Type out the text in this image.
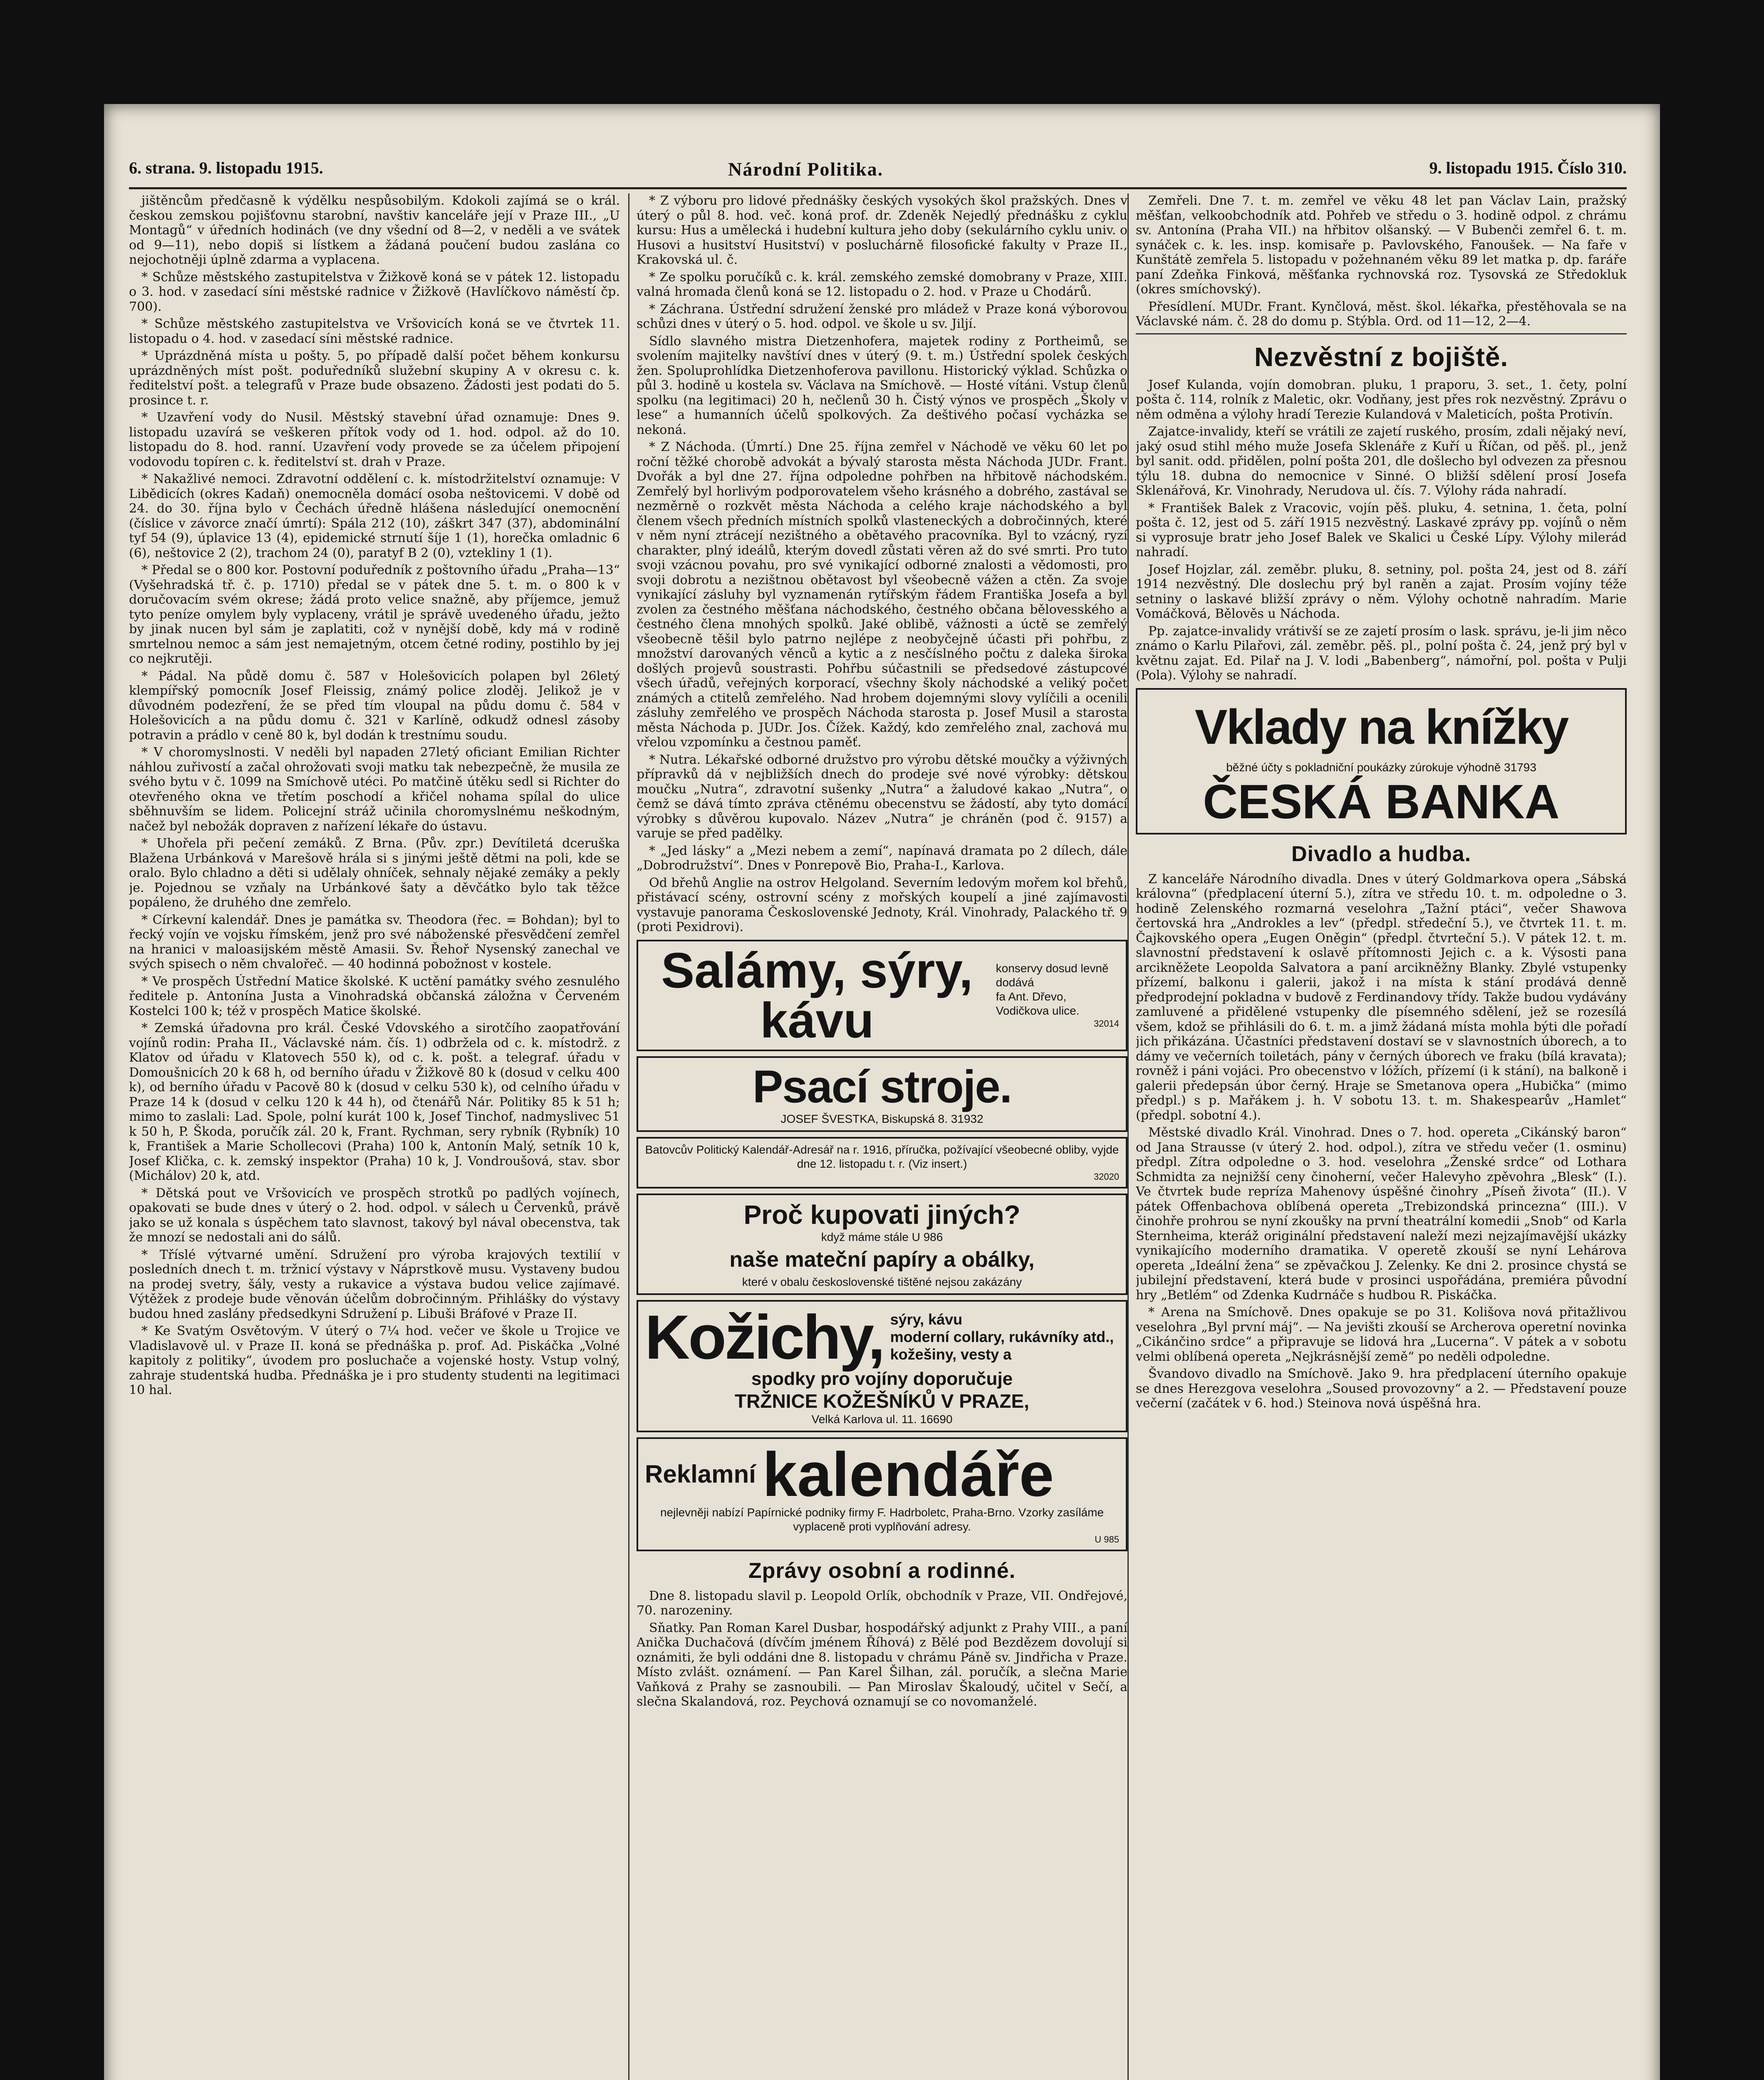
6. strana. 9. listopadu 1915.	Národní Politika.	9. listopadu 1915. Číslo 310.

jištěncům předčasně k výdělku nespůsobilým. Kdokoli zajímá se o král. českou zemskou pojišťovnu starobní, navštiv kanceláře její v Praze III., „U Montagů“ v úředních hodinách (ve dny všední od 8—2, v neděli a ve svátek od 9—11), nebo dopiš si lístkem a žádaná poučení budou zaslána co nejochotněji úplně zdarma a vyplacena.

* Schůze městského zastupitelstva v Žižkově koná se v pátek 12. listopadu o 3. hod. v zasedací síni městské radnice v Žižkově (Havlíčkovo náměstí čp. 700).

* Schůze městského zastupitelstva ve Vršovicích koná se ve čtvrtek 11. listopadu o 4. hod. v zasedací síni městské radnice.

* Uprázdněná místa u pošty. 5, po případě další počet během konkursu uprázdněných míst pošt. poduředníků služební skupiny A v okresu c. k. ředitelství pošt. a telegrafů v Praze bude obsazeno. Žádosti jest podati do 5. prosince t. r.

* Uzavření vody do Nusil. Městský stavební úřad oznamuje: Dnes 9. listopadu uzavírá se veškeren přítok vody od 1. hod. odpol. až do 10. listopadu do 8. hod. ranní. Uzavření vody provede se za účelem připojení vodovodu topíren c. k. ředitelství st. drah v Praze.

* Nakažlivé nemoci. Zdravotní oddělení c. k. místodržitelství oznamuje: V Libědicích (okres Kadaň) onemocněla domácí osoba neštovicemi. V době od 24. do 30. října bylo v Čechách úředně hlášena následující onemocnění (číslice v závorce značí úmrtí): Spála 212 (10), záškrt 347 (37), abdominální tyf 54 (9), úplavice 13 (4), epidemické strnutí šíje 1 (1), horečka omladnic 6 (6), neštovice 2 (2), trachom 24 (0), paratyf B 2 (0), vztekliny 1 (1).

* Předal se o 800 kor. Postovní poduředník z poštovního úřadu „Praha—13“ (Vyšehradská tř. č. p. 1710) předal se v pátek dne 5. t. m. o 800 k v doručovacím svém okrese; žádá proto velice snažně, aby příjemce, jemuž tyto peníze omylem byly vyplaceny, vrátil je správě uvedeného úřadu, ježto by jinak nucen byl sám je zaplatiti, což v nynější době, kdy má v rodině smrtelnou nemoc a sám jest nemajetným, otcem četné rodiny, postihlo by jej co nejkrutěji.

* Pádal. Na půdě domu č. 587 v Holešovicích polapen byl 26letý klempířský pomocník Josef Fleissig, známý police zloděj. Jelikož je v důvodném podezření, že se před tím vloupal na půdu domu č. 584 v Holešovicích a na půdu domu č. 321 v Karlíně, odkudž odnesl zásoby potravin a prádlo v ceně 80 k, byl dodán k trestnímu soudu.

* V choromyslnosti. V neděli byl napaden 27letý oficiant Emilian Richter náhlou zuřivostí a začal ohrožovati svoji matku tak nebezpečně, že musila ze svého bytu v č. 1099 na Smíchově utéci. Po matčině útěku sedl si Richter do otevřeného okna ve třetím poschodí a křičel nohama spílal do ulice sběhnuvším se lidem. Policejní stráž učinila choromyslnému neškodným, načež byl nebožák dopraven z nařízení lékaře do ústavu.

* Uhořela při pečení zemáků. Z Brna. (Pův. zpr.) Devítiletá dceruška Blažena Urbánková v Marešově hrála si s jinými ještě dětmi na poli, kde se oralo. Bylo chladno a děti si udělaly ohníček, sehnaly nějaké zemáky a pekly je. Pojednou se vzňaly na Urbánkové šaty a děvčátko bylo tak těžce popáleno, že druhého dne zemřelo.

* Církevní kalendář. Dnes je památka sv. Theodora (řec. = Bohdan); byl to řecký vojín ve vojsku římském, jenž pro své náboženské přesvědčení zemřel na hranici v maloasijském městě Amasii. Sv. Řehoř Nysenský zanechal ve svých spisech o něm chvalořeč. — 40 hodinná pobožnost v kostele.

* Ve prospěch Ústřední Matice školské. K uctění památky svého zesnulého ředitele p. Antonína Justa a Vinohradská občanská záložna v Červeném Kostelci 100 k; též v prospěch Matice školské.

* Zemská úřadovna pro král. České Vdovského a sirotčího zaopatřování vojínů rodin: Praha II., Václavské nám. čís. 1) odbržela od c. k. místodrž. z Klatov od úřadu v Klatovech 550 k), od c. k. pošt. a telegraf. úřadu v Domoušnicích 20 k 68 h, od berního úřadu v Žižkově 80 k (dosud v celku 400 k), od berního úřadu v Pacově 80 k (dosud v celku 530 k), od celního úřadu v Praze 14 k (dosud v celku 120 k 44 h), od čtenářů Nár. Politiky 85 k 51 h; mimo to zaslali: Lad. Spole, polní kurát 100 k, Josef Tinchof, nadmyslivec 51 k 50 h, P. Škoda, poručík zál. 20 k, Frant. Rychman, sery rybník (Rybník) 10 k, František a Marie Schollecovi (Praha) 100 k, Antonín Malý, setník 10 k, Josef Klička, c. k. zemský inspektor (Praha) 10 k, J. Vondroušová, stav. sbor (Michálov) 20 k, atd.

* Dětská pout ve Vršovicích ve prospěch strotků po padlých vojínech, opakovati se bude dnes v úterý o 2. hod. odpol. v sálech u Červenků, právě jako se už konala s úspěchem tato slavnost, takový byl nával obecenstva, tak že mnozí se nedostali ani do sálů.

* Tříslé výtvarné umění. Sdružení pro výroba krajových textilií v posledních dnech t. m. tržnicí výstavy v Náprstkově musu. Vystaveny budou na prodej svetry, šály, vesty a rukavice a výstava budou velice zajímavé. Výtěžek z prodeje bude věnován účelům dobročinným. Přihlášky do výstavy budou hned zaslány předsedkyni Sdružení p. Libuši Bráfové v Praze II.

* Ke Svatým Osvětovým. V úterý o 7¼ hod. večer ve škole u Trojice ve Vladislavově ul. v Praze II. koná se přednáška p. prof. Ad. Piskáčka „Volné kapitoly z politiky“, úvodem pro posluchače a vojenské hosty. Vstup volný, zahraje studentská hudba. Přednáška je i pro studenty studenti na legitimaci 10 hal.

* Z výboru pro lidové přednášky českých vysokých škol pražských. Dnes v úterý o půl 8. hod. več. koná prof. dr. Zdeněk Nejedlý přednášku z cyklu kursu: Hus a umělecká i hudební kultura jeho doby (sekulárního cyklu univ. o Husovi a husitství Husitství) v posluchárně filosofické fakulty v Praze II., Krakovská ul. č.

* Ze spolku poručíků c. k. král. zemského zemské domobrany v Praze, XIII. valná hromada členů koná se 12. listopadu o 2. hod. v Praze u Chodárů.

* Záchrana. Ústřední sdružení ženské pro mládež v Praze koná výborovou schůzi dnes v úterý o 5. hod. odpol. ve škole u sv. Jiljí.

Sídlo slavného mistra Dietzenhofera, majetek rodiny z Portheimů, se svolením majitelky navštíví dnes v úterý (9. t. m.) Ústřední spolek českých žen. Spoluprohlídka Dietzenhoferova pavillonu. Historický výklad. Schůzka o půl 3. hodině u kostela sv. Václava na Smíchově. — Hosté vítáni. Vstup členů spolku (na legitimaci) 20 h, nečlenů 30 h. Čistý výnos ve prospěch „Školy v lese“ a humanních účelů spolkových. Za deštivého počasí vycházka se nekoná.

* Z Náchoda. (Úmrtí.) Dne 25. října zemřel v Náchodě ve věku 60 let po roční těžké chorobě advokát a bývalý starosta města Náchoda JUDr. Frant. Dvořák a byl dne 27. října odpoledne pohřben na hřbitově náchodském. Zemřelý byl horlivým podporovatelem všeho krásného a dobrého, zastával se nezměrně o rozkvět města Náchoda a celého kraje náchodského a byl členem všech předních místních spolků vlasteneckých a dobročinných, které v něm nyní ztrácejí nezištného a obětavého pracovníka. Byl to vzácný, ryzí charakter, plný ideálů, kterým dovedl zůstati věren až do své smrti. Pro tuto svoji vzácnou povahu, pro své vynikající odborné znalosti a vědomosti, pro svoji dobrotu a nezištnou obětavost byl všeobecně vážen a ctěn. Za svoje vynikající zásluhy byl vyznamenán rytířským řádem Františka Josefa a byl zvolen za čestného měšťana náchodského, čestného občana bělovesského a čestného člena mnohých spolků. Jaké oblibě, vážnosti a úctě se zemřelý všeobecně těšil bylo patrno nejlépe z neobyčejně účasti při pohřbu, z množství darovaných věnců a kytic a z nesčíslného počtu z daleka široka došlých projevů soustrasti. Pohřbu súčastnili se předsedové zástupcové všech úřadů, veřejných korporací, všechny školy náchodské a veliký počet známých a ctitelů zemřelého. Nad hrobem dojemnými slovy vylíčili a ocenili zásluhy zemřelého ve prospěch Náchoda starosta p. Josef Musil a starosta města Náchoda p. JUDr. Jos. Čížek. Každý, kdo zemřelého znal, zachová mu vřelou vzpomínku a čestnou paměť.

* Nutra. Lékařské odborné družstvo pro výrobu dětské moučky a výživných přípravků dá v nejbližších dnech do prodeje své nové výrobky: dětskou moučku „Nutra“, zdravotní sušenky „Nutra“ a žaludové kakao „Nutra“, o čemž se dává tímto zpráva ctěnému obecenstvu se žádostí, aby tyto domácí výrobky s důvěrou kupovalo. Název „Nutra“ je chráněn (pod č. 9157) a varuje se před padělky.

* „Jed lásky“ a „Mezi nebem a zemí“, napínavá dramata po 2 dílech, dále „Dobrodružství“. Dnes v Ponrepově Bio, Praha-I., Karlova.

Od břehů Anglie na ostrov Helgoland. Severním ledovým mořem kol břehů, přistávací scény, ostrovní scény z mořských koupelí a jiné zajímavosti vystavuje panorama Československé Jednoty, Král. Vinohrady, Palackého tř. 9 (proti Pexidrovi).

Salámy, sýry, kávu
konservy dosud levně dodává
fa Ant. Dřevo, Vodičkova ulice.
32014
Psací stroje.
JOSEF ŠVESTKA, Biskupská 8. 31932
Batovcův Politický Kalendář-Adresář na r. 1916, příručka, požívající všeobecné obliby, vyjde dne 12. listopadu t. r. (Viz insert.)
32020
Proč kupovati jiných?
když máme stále U 986
naše mateční papíry a obálky,
které v obalu československé tištěné nejsou zakázány
Kožichy, sýry, kávu
moderní collary, rukávníky atd., kožešiny, vesty a
spodky pro vojíny doporučuje
TRŽNICE KOŽEŠNÍKŮ V PRAZE,
Velká Karlova ul. 11. 16690
Reklamní kalendáře
nejlevněji nabízí Papírnické podniky firmy F. Hadrboletc, Praha-Brno. Vzorky zasíláme vyplaceně proti vyplňování adresy.
U 985
Zprávy osobní a rodinné.

Dne 8. listopadu slavil p. Leopold Orlík, obchodník v Praze, VII. Ondřejové, 70. narozeniny.

Sňatky. Pan Roman Karel Dusbar, hospodářský adjunkt z Prahy VIII., a paní Anička Duchačová (dívčím jménem Říhová) z Bělé pod Bezdězem dovolují si oznámiti, že byli oddáni dne 8. listopadu v chrámu Páně sv. Jindřicha v Praze. Místo zvlášt. oznámení. — Pan Karel Šilhan, zál. poručík, a slečna Marie Vaňková z Prahy se zasnoubili. — Pan Miroslav Škaloudý, učitel v Sečí, a slečna Skalandová, roz. Peychová oznamují se co novomanželé.

Zemřeli. Dne 7. t. m. zemřel ve věku 48 let pan Václav Lain, pražský měšťan, velkoobchodník atd. Pohřeb ve středu o 3. hodině odpol. z chrámu sv. Antonína (Praha VII.) na hřbitov olšanský. — V Bubenči zemřel 6. t. m. synáček c. k. les. insp. komisaře p. Pavlovského, Fanoušek. — Na faře v Kunštátě zemřela 5. listopadu v požehnaném věku 89 let matka p. dp. faráře paní Zdeňka Finková, měšťanka rychnovská roz. Tysovská ze Středokluk (okres smíchovský).

Přesídlení. MUDr. Frant. Kynčlová, měst. škol. lékařka, přestěhovala se na Václavské nám. č. 28 do domu p. Stýbla. Ord. od 11—12, 2—4.

Nezvěstní z bojiště.

Josef Kulanda, vojín domobran. pluku, 1 praporu, 3. set., 1. čety, polní pošta č. 114, rolník z Maletic, okr. Vodňany, jest přes rok nezvěstný. Zprávu o něm odměna a výlohy hradí Terezie Kulandová v Maleticích, pošta Protivín.

Zajatce-invalidy, kteří se vrátili ze zajetí ruského, prosím, zdali nějaký neví, jaký osud stihl mého muže Josefa Sklenáře z Kuří u Říčan, od pěš. pl., jenž byl sanit. odd. přidělen, polní pošta 201, dle došlecho byl odvezen za přesnou týlu 18. dubna do nemocnice v Sinné. O bližší sdělení prosí Josefa Sklenářová, Kr. Vinohrady, Nerudova ul. čís. 7. Výlohy ráda nahradí.

* František Balek z Vracovic, vojín pěš. pluku, 4. setnina, 1. četa, polní pošta č. 12, jest od 5. září 1915 nezvěstný. Laskavé zprávy pp. vojínů o něm si vyprosuje bratr jeho Josef Balek ve Skalici u České Lípy. Výlohy milerád nahradí.

Josef Hojzlar, zál. zeměbr. pluku, 8. setniny, pol. pošta 24, jest od 8. září 1914 nezvěstný. Dle doslechu prý byl raněn a zajat. Prosím vojíny téže setniny o laskavé bližší zprávy o něm. Výlohy ochotně nahradím. Marie Vomáčková, Bělověs u Náchoda.

Pp. zajatce-invalidy vrátivší se ze zajetí prosím o lask. správu, je-li jim něco známo o Karlu Pilařovi, zál. zeměbr. pěš. pl., polní pošta č. 24, jenž prý byl v květnu zajat. Ed. Pilař na J. V. lodi „Babenberg“, námořní, pol. pošta v Pulji (Pola). Výlohy se nahradí.

Vklady na knížky
běžné účty s pokladniční poukázky zúrokuje výhodně 31793
ČESKÁ BANKA
Divadlo a hudba.

Z kanceláře Národního divadla. Dnes v úterý Goldmarkova opera „Sábská královna“ (předplacení úterní 5.), zítra ve středu 10. t. m. odpoledne o 3. hodině Zelenského rozmarná veselohra „Tažní ptáci“, večer Shawova čertovská hra „Androkles a lev“ (předpl. středeční 5.), ve čtvrtek 11. t. m. Čajkovského opera „Eugen Oněgin“ (předpl. čtvrteční 5.). V pátek 12. t. m. slavnostní představení k oslavě přítomnosti Jejich c. a k. Výsosti pana arcikněžete Leopolda Salvatora a paní arcikněžny Blanky. Zbylé vstupenky přízemí, balkonu i galerii, jakož i na místa k stání prodává denně předprodejní pokladna v budově z Ferdinandovy třídy. Takže budou vydávány zamluvené a přidělené vstupenky dle písemného sdělení, jež se rozesílá všem, kdož se přihlásili do 6. t. m. a jimž žádaná místa mohla býti dle pořadí jich přikázána. Účastníci představení dostaví se v slavnostních úborech, a to dámy ve večerních toiletách, pány v černých úborech ve fraku (bílá kravata); rovněž i páni vojáci. Pro obecenstvo v lóžích, přízemí (i k stání), na balkoně i galerii předepsán úbor černý. Hraje se Smetanova opera „Hubička“ (mimo předpl.) s p. Mařákem j. h. V sobotu 13. t. m. Shakespearův „Hamlet“ (předpl. sobotní 4.).

Městské divadlo Král. Vinohrad. Dnes o 7. hod. opereta „Cikánský baron“ od Jana Strausse (v úterý 2. hod. odpol.), zítra ve středu večer (1. osminu) předpl. Zítra odpoledne o 3. hod. veselohra „Ženské srdce“ od Lothara Schmidta za nejnižší ceny činoherní, večer Halevyho zpěvohra „Blesk“ (I.). Ve čtvrtek bude repríza Mahenovy úspěšné činohry „Píseň života“ (II.). V pátek Offenbachova oblíbená opereta „Trebizondská princezna“ (III.). V činohře prohrou se nyní zkoušky na první theatrální komedii „Snob“ od Karla Sternheima, kteráž originální představení naleží mezi nejzajímavější ukázky vynikajícího moderního dramatika. V operetě zkouší se nyní Lehárova opereta „Ideální žena“ se zpěvačkou J. Zelenky. Ke dni 2. prosince chystá se jubilejní představení, která bude v prosinci uspořádána, premiéra původní hry „Betlém“ od Zdenka Kudrnáče s hudbou R. Piskáčka.

* Arena na Smíchově. Dnes opakuje se po 31. Kolišova nová přitažlivou veselohra „Byl první máj“. — Na jevišti zkouší se Archerova operetní novinka „Cikánčino srdce“ a připravuje se lidová hra „Lucerna“. V pátek a v sobotu velmi oblíbená opereta „Nejkrásnější země“ po neděli odpoledne.

Švandovo divadlo na Smíchově. Jako 9. hra předplacení úterního opakuje se dnes Herezgova veselohra „Soused provozovny“ a 2. — Představení pouze večerní (začátek v 6. hod.) Steinova nová úspěšná hra.
